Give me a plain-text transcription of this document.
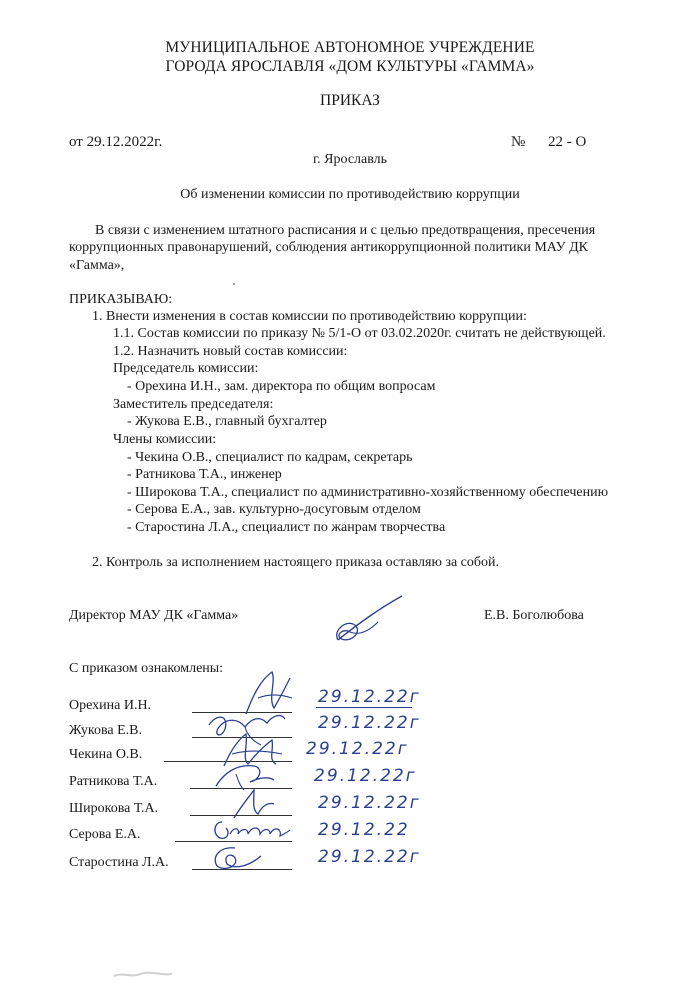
МУНИЦИПАЛЬНОЕ АВТОНОМНОЕ УЧРЕЖДЕНИЕ
ГОРОДА ЯРОСЛАВЛЯ «ДОМ КУЛЬТУРЫ «ГАММА»
ПРИКАЗ
от 29.12.2022г.	№ 22 - О
г. Ярославль
Об изменении комиссии по противодействию коррупции
В связи с изменением штатного расписания и с целью предотвращения, пресечения
коррупционных правонарушений, соблюдения антикоррупционной политики МАУ ДК
«Гамма»,
ПРИКАЗЫВАЮ:
1. Внести изменения в состав комиссии по противодействию коррупции:
1.1. Состав комиссии по приказу № 5/1-О от 03.02.2020г. считать не действующей.
1.2. Назначить новый состав комиссии:
Председатель комиссии:
- Орехина И.Н., зам. директора по общим вопросам
Заместитель председателя:
- Жукова Е.В., главный бухгалтер
Члены комиссии:
- Чекина О.В., специалист по кадрам, секретарь
- Ратникова Т.А., инженер
- Широкова Т.А., специалист по административно-хозяйственному обеспечению
- Серова Е.А., зав. культурно-досуговым отделом
- Старостина Л.А., специалист по жанрам творчества
2. Контроль за исполнением настоящего приказа оставляю за собой.
Директор МАУ ДК «Гамма»	Е.В. Боголюбова
С приказом ознакомлены:
Орехина И.Н.	29.12.22г
Жукова Е.В.	29.12.22г
Чекина О.В.	29.12.22г
Ратникова Т.А.	29.12.22г
Широкова Т.А.	29.12.22г
Серова Е.А.	29.12.22
Старостина Л.А.	29.12.22г
